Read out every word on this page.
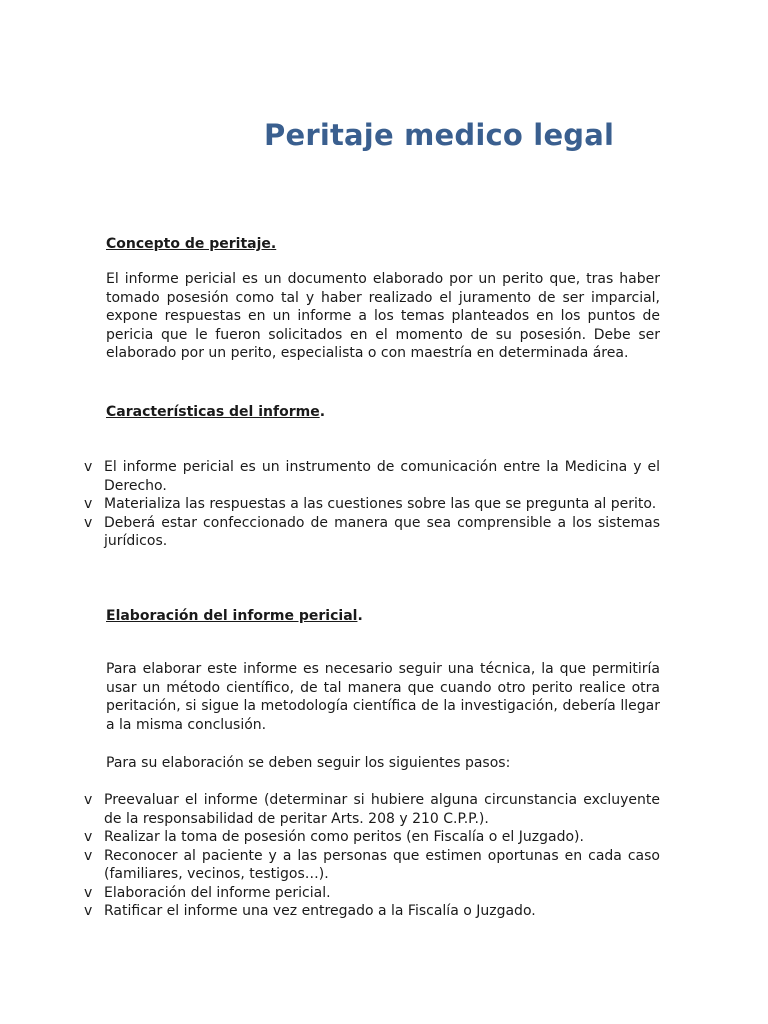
Peritaje medico legal
Concepto de peritaje.

El informe pericial es un documento elaborado por un perito que, tras haber tomado posesión como tal y haber realizado el juramento de ser imparcial, expone respuestas en un informe a los temas planteados en los puntos de pericia que le fueron solicitados en el momento de su posesión. Debe ser elaborado por un perito, especialista o con maestría en determinada área.

Características del informe.
v El informe pericial es un instrumento de comunicación entre la Medicina y el Derecho.
v Materializa las respuestas a las cuestiones sobre las que se pregunta al perito.
v Deberá estar confeccionado de manera que sea comprensible a los sistemas jurídicos.
Elaboración del informe pericial.

Para elaborar este informe es necesario seguir una técnica, la que permitiría usar un método científico, de tal manera que cuando otro perito realice otra peritación, si sigue la metodología científica de la investigación, debería llegar a la misma conclusión.

Para su elaboración se deben seguir los siguientes pasos:

v Preevaluar el informe (determinar si hubiere alguna circunstancia excluyente de la responsabilidad de peritar Arts. 208 y 210 C.P.P.).
v Realizar la toma de posesión como peritos (en Fiscalía o el Juzgado).
v Reconocer al paciente y a las personas que estimen oportunas en cada caso (familiares, vecinos, testigos…).
v Elaboración del informe pericial.
v Ratificar el informe una vez entregado a la Fiscalía o Juzgado.
